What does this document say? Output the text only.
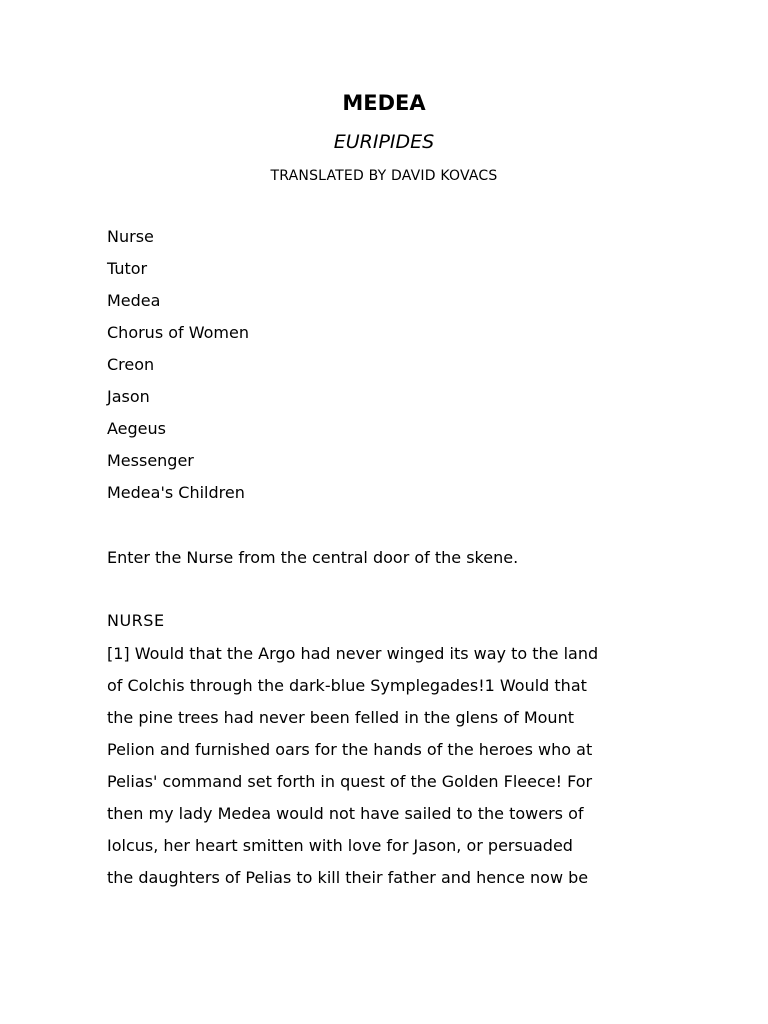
MEDEA
EURIPIDES
TRANSLATED BY DAVID KOVACS
Nurse
Tutor
Medea
Chorus of Women
Creon
Jason
Aegeus
Messenger
Medea's Children
Enter the Nurse from the central door of the skene.
NURSE

[1] Would that the Argo had never winged its way to the land
of Colchis through the dark-blue Symplegades!1 Would that
the pine trees had never been felled in the glens of Mount
Pelion and furnished oars for the hands of the heroes who at
Pelias' command set forth in quest of the Golden Fleece! For
then my lady Medea would not have sailed to the towers of
Iolcus, her heart smitten with love for Jason, or persuaded
the daughters of Pelias to kill their father and hence now be
